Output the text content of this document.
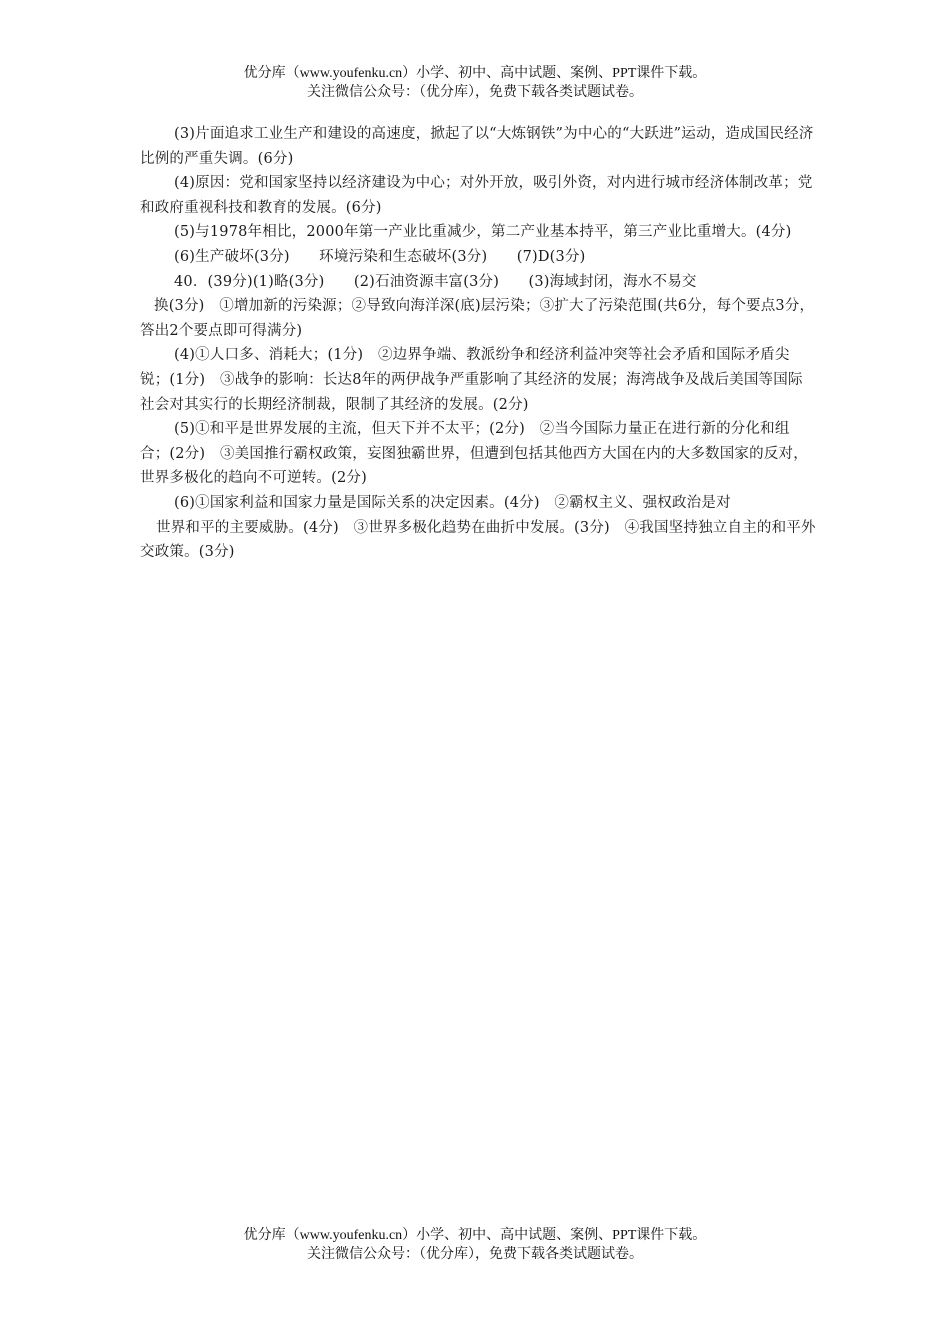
优分库（www.youfenku.cn）小学、初中、高中试题、案例、PPT课件下载。
关注微信公众号：（优分库），免费下载各类试题试卷。

(3)片面追求工业生产和建设的高速度，掀起了以“大炼钢铁”为中心的“大跃进”运动，造成国民经济比例的严重失调。(6分)

(4)原因：党和国家坚持以经济建设为中心；对外开放，吸引外资，对内进行城市经济体制改革；党和政府重视科技和教育的发展。(6分)

(5)与1978年相比，2000年第一产业比重减少，第二产业基本持平，第三产业比重增大。(4分)

(6)生产破坏(3分)　　环境污染和生态破坏(3分)　　(7)D(3分)

40．(39分)(1)略(3分)　　(2)石油资源丰富(3分)　　(3)海域封闭，海水不易交

换(3分)　①增加新的污染源；②导致向海洋深(底)层污染；③扩大了污染范围(共6分，每个要点3分，答出2个要点即可得满分)

(4)①人口多、消耗大；(1分)　②边界争端、教派纷争和经济利益冲突等社会矛盾和国际矛盾尖锐；(1分)　③战争的影响：长达8年的两伊战争严重影响了其经济的发展；海湾战争及战后美国等国际社会对其实行的长期经济制裁，限制了其经济的发展。(2分)

(5)①和平是世界发展的主流，但天下并不太平；(2分)　②当今国际力量正在进行新的分化和组合；(2分)　③美国推行霸权政策，妄图独霸世界，但遭到包括其他西方大国在内的大多数国家的反对，世界多极化的趋向不可逆转。(2分)

(6)①国家利益和国家力量是国际关系的决定因素。(4分)　②霸权主义、强权政治是对

世界和平的主要威胁。(4分)　③世界多极化趋势在曲折中发展。(3分)　④我国坚持独立自主的和平外交政策。(3分)

优分库（www.youfenku.cn）小学、初中、高中试题、案例、PPT课件下载。
关注微信公众号：（优分库），免费下载各类试题试卷。
